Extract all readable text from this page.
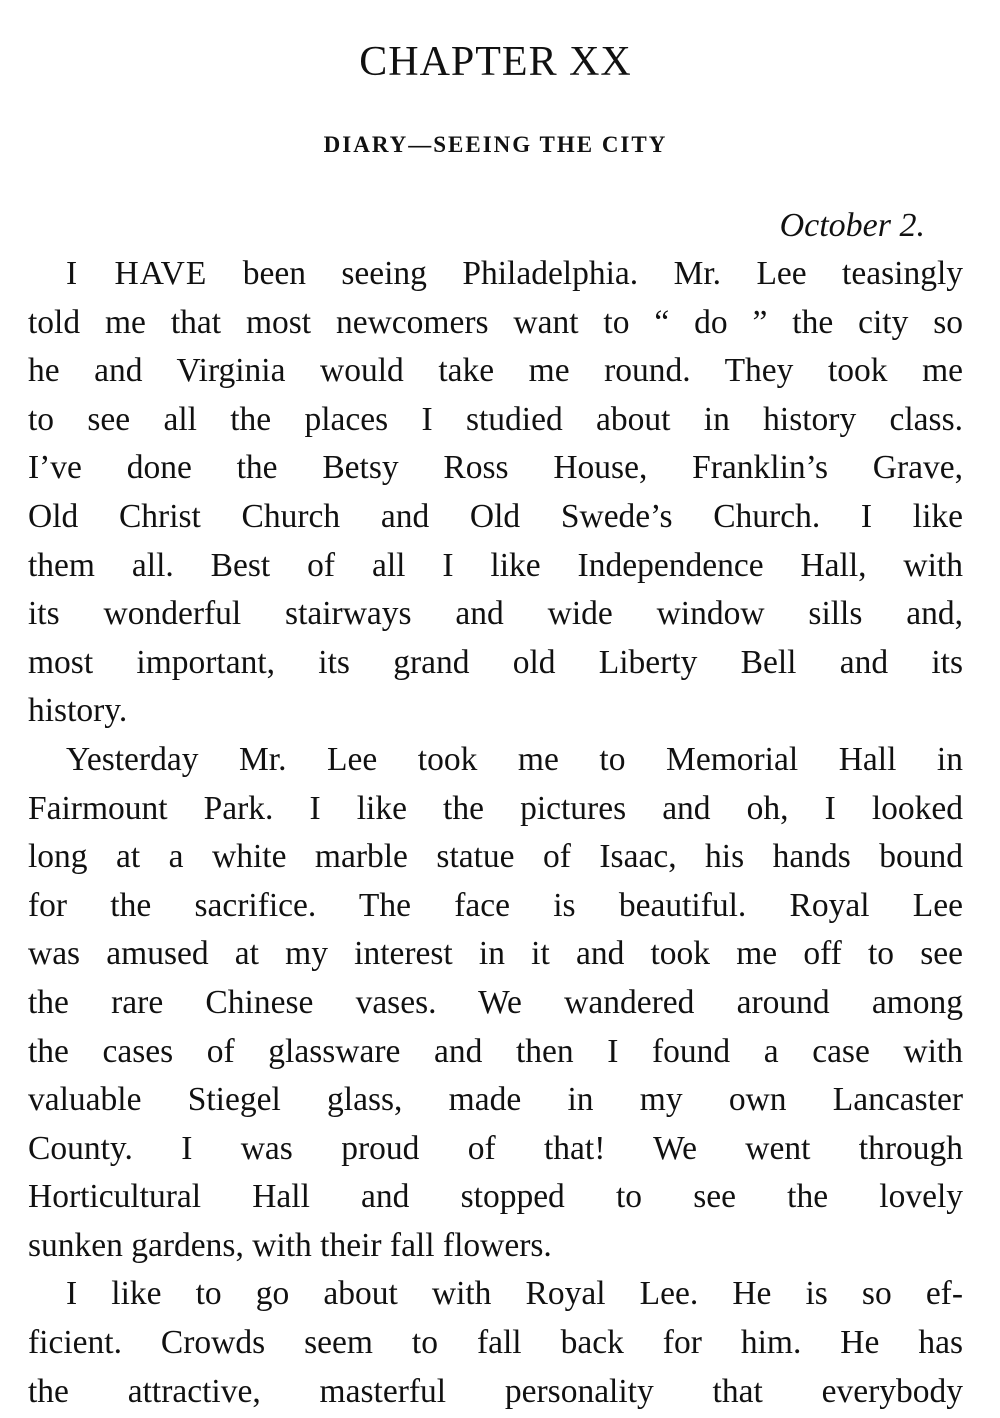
CHAPTER XX
DIARY—SEEING THE CITY

October 2.

I HAVE been seeing Philadelphia. Mr. Lee teasingly
told me that most newcomers want to “ do ” the city so
he and Virginia would take me round. They took me
to see all the places I studied about in history class.
I’ve done the Betsy Ross House, Franklin’s Grave,
Old Christ Church and Old Swede’s Church. I like
them all. Best of all I like Independence Hall, with
its wonderful stairways and wide window sills and,
most important, its grand old Liberty Bell and its
history.
Yesterday Mr. Lee took me to Memorial Hall in
Fairmount Park. I like the pictures and oh, I looked
long at a white marble statue of Isaac, his hands bound
for the sacrifice. The face is beautiful. Royal Lee
was amused at my interest in it and took me off to see
the rare Chinese vases. We wandered around among
the cases of glassware and then I found a case with
valuable Stiegel glass, made in my own Lancaster
County. I was proud of that! We went through
Horticultural Hall and stopped to see the lovely
sunken gardens, with their fall flowers.
I like to go about with Royal Lee. He is so ef-
ficient. Crowds seem to fall back for him. He has
the attractive, masterful personality that everybody
